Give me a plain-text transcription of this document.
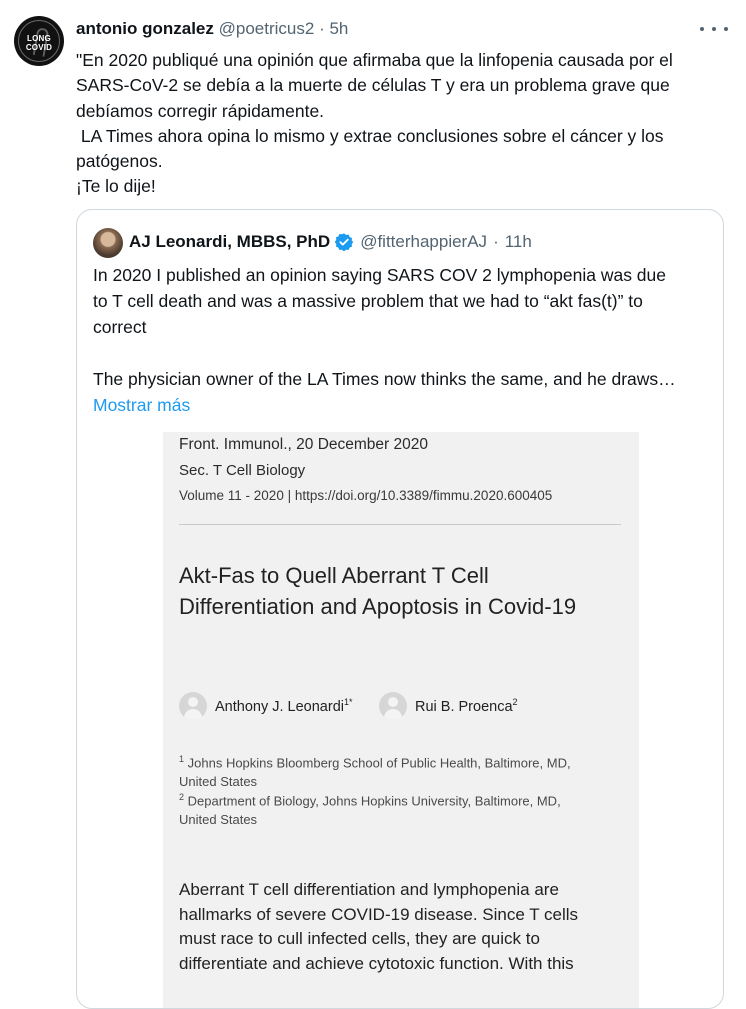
LONG
COVID
antonio gonzalez @poetricus2 · 5h
"En 2020 publiqué una opinión que afirmaba que la linfopenia causada por el
SARS-CoV-2 se debía a la muerte de células T y era un problema grave que
debíamos corregir rápidamente.
LA Times ahora opina lo mismo y extrae conclusiones sobre el cáncer y los
patógenos.
¡Te lo dije!
AJ Leonardi, MBBS, PhD @fitterhappierAJ · 11h
In 2020 I published an opinion saying SARS COV 2 lymphopenia was due
to T cell death and was a massive problem that we had to “akt fas(t)” to
correct
The physician owner of the LA Times now thinks the same, and he draws…
Mostrar más
Front. Immunol., 20 December 2020
Sec. T Cell Biology
Volume 11 - 2020 | https://doi.org/10.3389/fimmu.2020.600405
Akt-Fas to Quell Aberrant T Cell
Differentiation and Apoptosis in Covid-19
Anthony J. Leonardi$^{1*}$	Rui B. Proenca$^2$
$^1$ Johns Hopkins Bloomberg School of Public Health, Baltimore, MD,
United States
$^2$ Department of Biology, Johns Hopkins University, Baltimore, MD,
United States
Aberrant T cell differentiation and lymphopenia are
hallmarks of severe COVID-19 disease. Since T cells
must race to cull infected cells, they are quick to
differentiate and achieve cytotoxic function. With this
